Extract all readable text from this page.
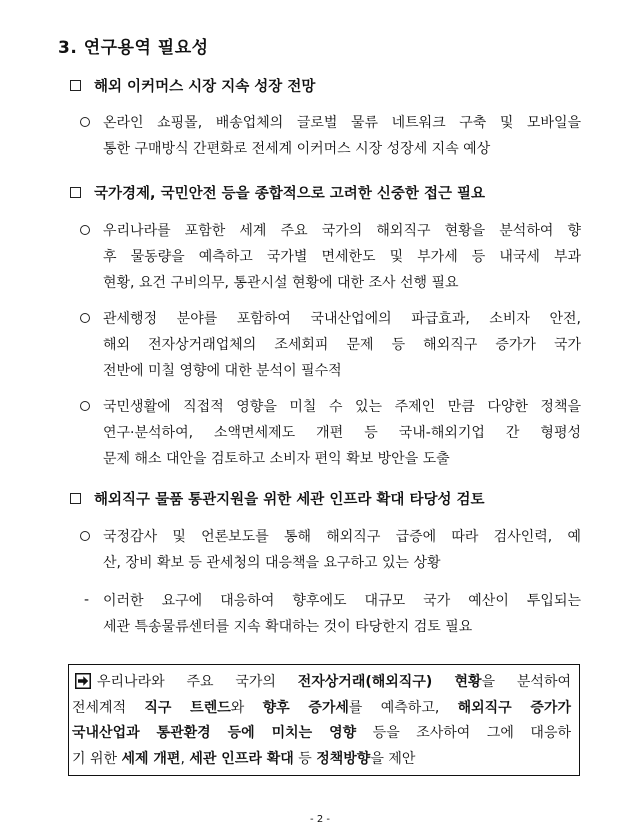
3. 연구용역 필요성
해외 이커머스 시장 지속 성장 전망
온라인 쇼핑몰, 배송업체의 글로벌 물류 네트워크 구축 및 모바일을
통한 구매방식 간편화로 전세계 이커머스 시장 성장세 지속 예상
국가경제, 국민안전 등을 종합적으로 고려한 신중한 접근 필요
우리나라를 포함한 세계 주요 국가의 해외직구 현황을 분석하여 향
후 물동량을 예측하고 국가별 면세한도 및 부가세 등 내국세 부과
현황, 요건 구비의무, 통관시설 현황에 대한 조사 선행 필요
관세행정 분야를 포함하여 국내산업에의 파급효과, 소비자 안전,
해외 전자상거래업체의 조세회피 문제 등 해외직구 증가가 국가
전반에 미칠 영향에 대한 분석이 필수적
국민생활에 직접적 영향을 미칠 수 있는 주제인 만큼 다양한 정책을
연구·분석하여, 소액면세제도 개편 등 국내-해외기업 간 형평성
문제 해소 대안을 검토하고 소비자 편익 확보 방안을 도출
해외직구 물품 통관지원을 위한 세관 인프라 확대 타당성 검토
국정감사 및 언론보도를 통해 해외직구 급증에 따라 검사인력, 예
산, 장비 확보 등 관세청의 대응책을 요구하고 있는 상황
- 이러한 요구에 대응하여 향후에도 대규모 국가 예산이 투입되는
세관 특송물류센터를 지속 확대하는 것이 타당한지 검토 필요
우리나라와 주요 국가의 전자상거래(해외직구) 현황을 분석하여
전세계적 직구 트렌드와 향후 증가세를 예측하고, 해외직구 증가가
국내산업과 통관환경 등에 미치는 영향 등을 조사하여 그에 대응하
기 위한 세제 개편, 세관 인프라 확대 등 정책방향을 제안
- 2 -
